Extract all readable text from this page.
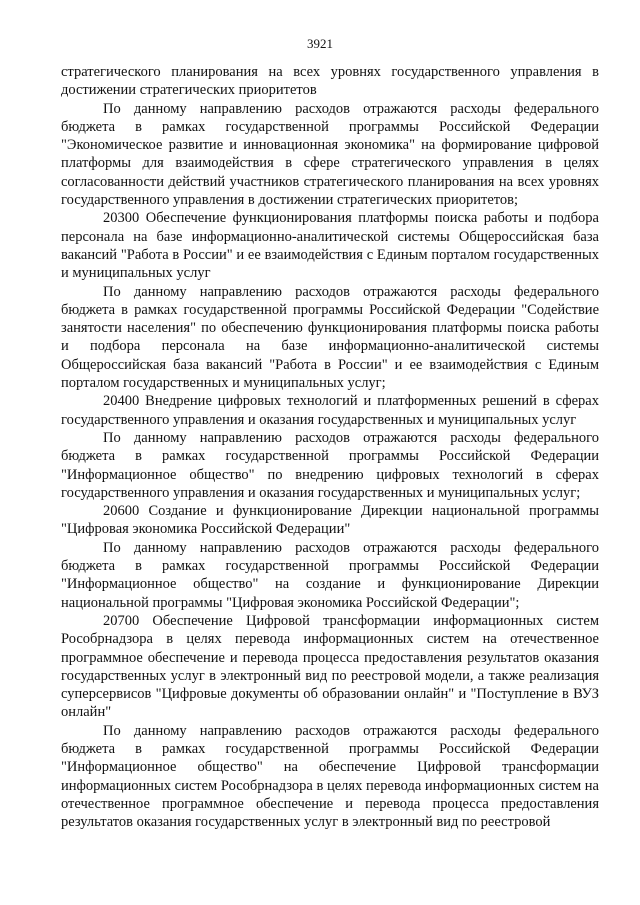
3921

стратегического планирования на всех уровнях государственного управления в достижении стратегических приоритетов

По данному направлению расходов отражаются расходы федерального бюджета в рамках государственной программы Российской Федерации "Экономическое развитие и инновационная экономика" на формирование цифровой платформы для взаимодействия в сфере стратегического управления в целях согласованности действий участников стратегического планирования на всех уровнях государственного управления в достижении стратегических приоритетов;

20300 Обеспечение функционирования платформы поиска работы и подбора персонала на базе информационно-аналитической системы Общероссийская база вакансий "Работа в России" и ее взаимодействия с Единым порталом государственных и муниципальных услуг

По данному направлению расходов отражаются расходы федерального бюджета в рамках государственной программы Российской Федерации "Содействие занятости населения" по обеспечению функционирования платформы поиска работы и подбора персонала на базе информационно-аналитической системы Общероссийская база вакансий "Работа в России" и ее взаимодействия с Единым порталом государственных и муниципальных услуг;

20400 Внедрение цифровых технологий и платформенных решений в сферах государственного управления и оказания государственных и муниципальных услуг

По данному направлению расходов отражаются расходы федерального бюджета в рамках государственной программы Российской Федерации "Информационное общество" по внедрению цифровых технологий в сферах государственного управления и оказания государственных и муниципальных услуг;

20600 Создание и функционирование Дирекции национальной программы "Цифровая экономика Российской Федерации"

По данному направлению расходов отражаются расходы федерального бюджета в рамках государственной программы Российской Федерации "Информационное общество" на создание и функционирование Дирекции национальной программы "Цифровая экономика Российской Федерации";

20700 Обеспечение Цифровой трансформации информационных систем Рособрнадзора в целях перевода информационных систем на отечественное программное обеспечение и перевода процесса предоставления результатов оказания государственных услуг в электронный вид по реестровой модели, а также реализация суперсервисов "Цифровые документы об образовании онлайн" и "Поступление в ВУЗ онлайн"

По данному направлению расходов отражаются расходы федерального бюджета в рамках государственной программы Российской Федерации "Информационное общество" на обеспечение Цифровой трансформации информационных систем Рособрнадзора в целях перевода информационных систем на отечественное программное обеспечение и перевода процесса предоставления результатов оказания государственных услуг в электронный вид по реестровой
